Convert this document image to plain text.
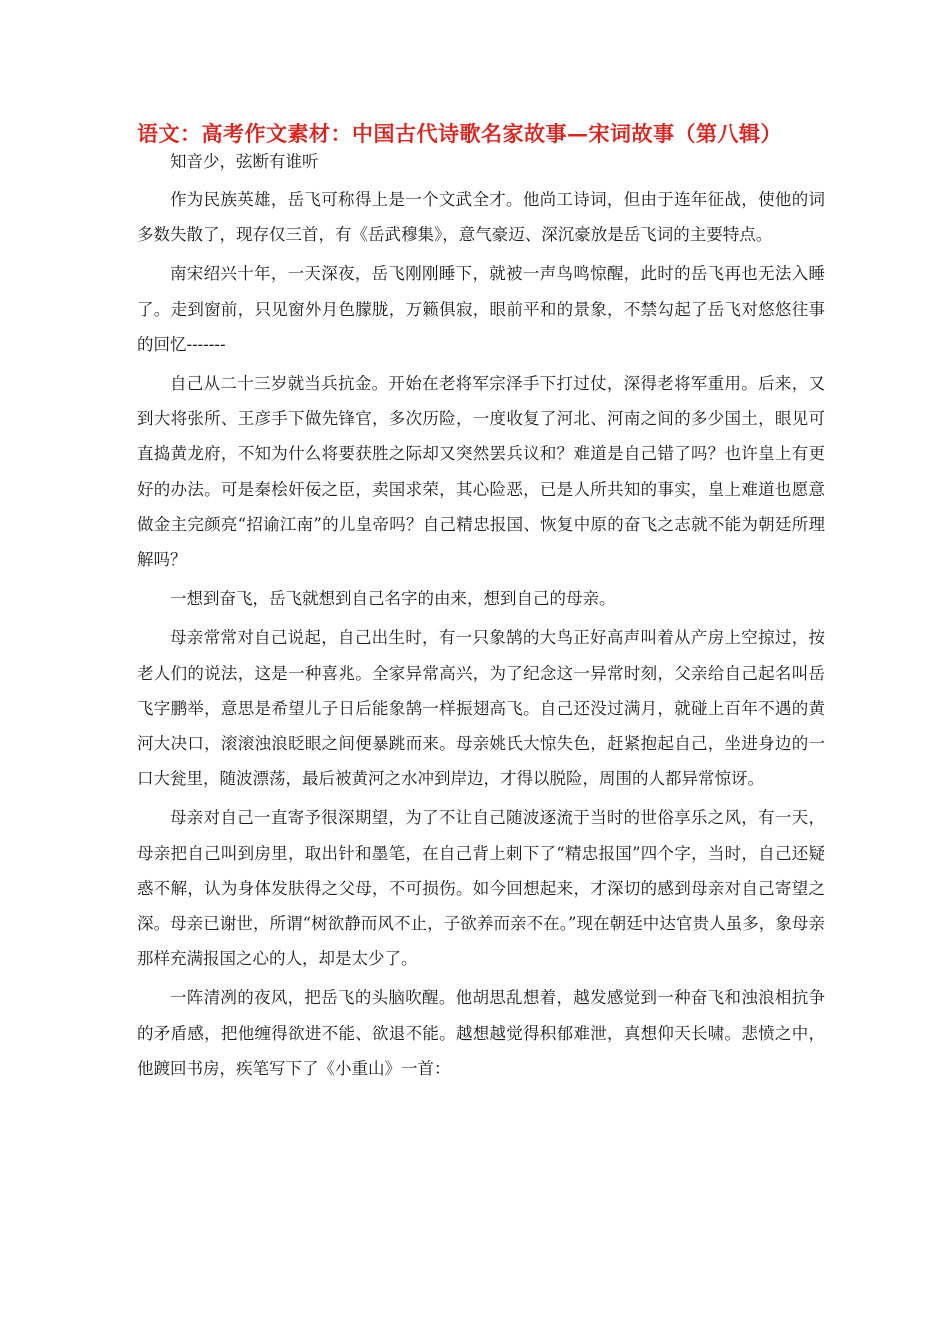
语文：高考作文素材：中国古代诗歌名家故事—宋词故事（第八辑）

知音少，弦断有谁听

作为民族英雄，岳飞可称得上是一个文武全才。他尚工诗词，但由于连年征战，使他的词多数失散了，现存仅三首，有《岳武穆集》，意气豪迈、深沉豪放是岳飞词的主要特点。

南宋绍兴十年，一天深夜，岳飞刚刚睡下，就被一声鸟鸣惊醒，此时的岳飞再也无法入睡了。走到窗前，只见窗外月色朦胧，万籁俱寂，眼前平和的景象，不禁勾起了岳飞对悠悠往事的回忆-------

自己从二十三岁就当兵抗金。开始在老将军宗泽手下打过仗，深得老将军重用。后来，又到大将张所、王彦手下做先锋官，多次历险，一度收复了河北、河南之间的多少国土，眼见可直捣黄龙府，不知为什么将要获胜之际却又突然罢兵议和？难道是自己错了吗？也许皇上有更好的办法。可是秦桧奸佞之臣，卖国求荣，其心险恶，已是人所共知的事实，皇上难道也愿意做金主完颜亮“招谕江南”的儿皇帝吗？自己精忠报国、恢复中原的奋飞之志就不能为朝廷所理解吗？

一想到奋飞，岳飞就想到自己名字的由来，想到自己的母亲。

母亲常常对自己说起，自己出生时，有一只象鹄的大鸟正好高声叫着从产房上空掠过，按老人们的说法，这是一种喜兆。全家异常高兴，为了纪念这一异常时刻，父亲给自己起名叫岳飞字鹏举，意思是希望儿子日后能象鹄一样振翅高飞。自己还没过满月，就碰上百年不遇的黄河大决口，滚滚浊浪眨眼之间便暴跳而来。母亲姚氏大惊失色，赶紧抱起自己，坐进身边的一口大瓮里，随波漂荡，最后被黄河之水冲到岸边，才得以脱险，周围的人都异常惊讶。

母亲对自己一直寄予很深期望，为了不让自己随波逐流于当时的世俗享乐之风，有一天，母亲把自己叫到房里，取出针和墨笔，在自己背上刺下了“精忠报国”四个字，当时，自己还疑惑不解，认为身体发肤得之父母，不可损伤。如今回想起来，才深切的感到母亲对自己寄望之深。母亲已谢世，所谓“树欲静而风不止，子欲养而亲不在。”现在朝廷中达官贵人虽多，象母亲那样充满报国之心的人，却是太少了。

一阵清冽的夜风，把岳飞的头脑吹醒。他胡思乱想着，越发感觉到一种奋飞和浊浪相抗争的矛盾感，把他缠得欲进不能、欲退不能。越想越觉得积郁难泄，真想仰天长啸。悲愤之中，他踱回书房，疾笔写下了《小重山》一首：
